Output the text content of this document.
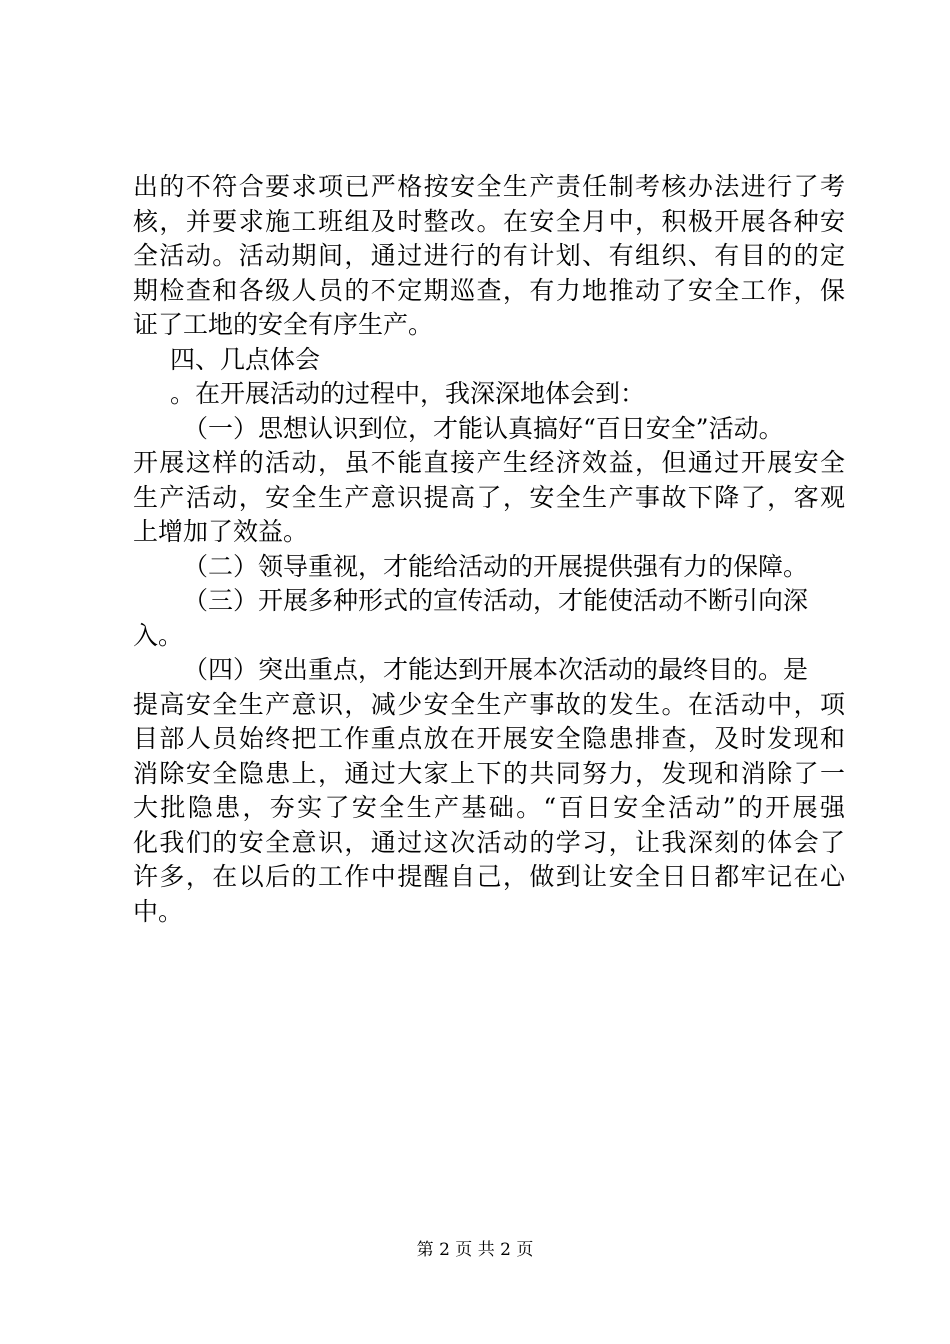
出的不符合要求项已严格按安全生产责任制考核办法进行了考
核，并要求施工班组及时整改。在安全月中，积极开展各种安
全活动。活动期间，通过进行的有计划、有组织、有目的的定
期检查和各级人员的不定期巡查，有力地推动了安全工作，保
证了工地的安全有序生产。
四、几点体会
。在开展活动的过程中，我深深地体会到：
（一）思想认识到位，才能认真搞好“百日安全”活动。
开展这样的活动，虽不能直接产生经济效益，但通过开展安全
生产活动，安全生产意识提高了，安全生产事故下降了，客观
上增加了效益。
（二）领导重视，才能给活动的开展提供强有力的保障。
（三）开展多种形式的宣传活动，才能使活动不断引向深
入。
（四）突出重点，才能达到开展本次活动的最终目的。是
提高安全生产意识，减少安全生产事故的发生。在活动中，项
目部人员始终把工作重点放在开展安全隐患排查，及时发现和
消除安全隐患上，通过大家上下的共同努力，发现和消除了一
大批隐患，夯实了安全生产基础。“百日安全活动”的开展强
化我们的安全意识，通过这次活动的学习，让我深刻的体会了
许多，在以后的工作中提醒自己，做到让安全日日都牢记在心
中。
第 2 页 共 2 页
